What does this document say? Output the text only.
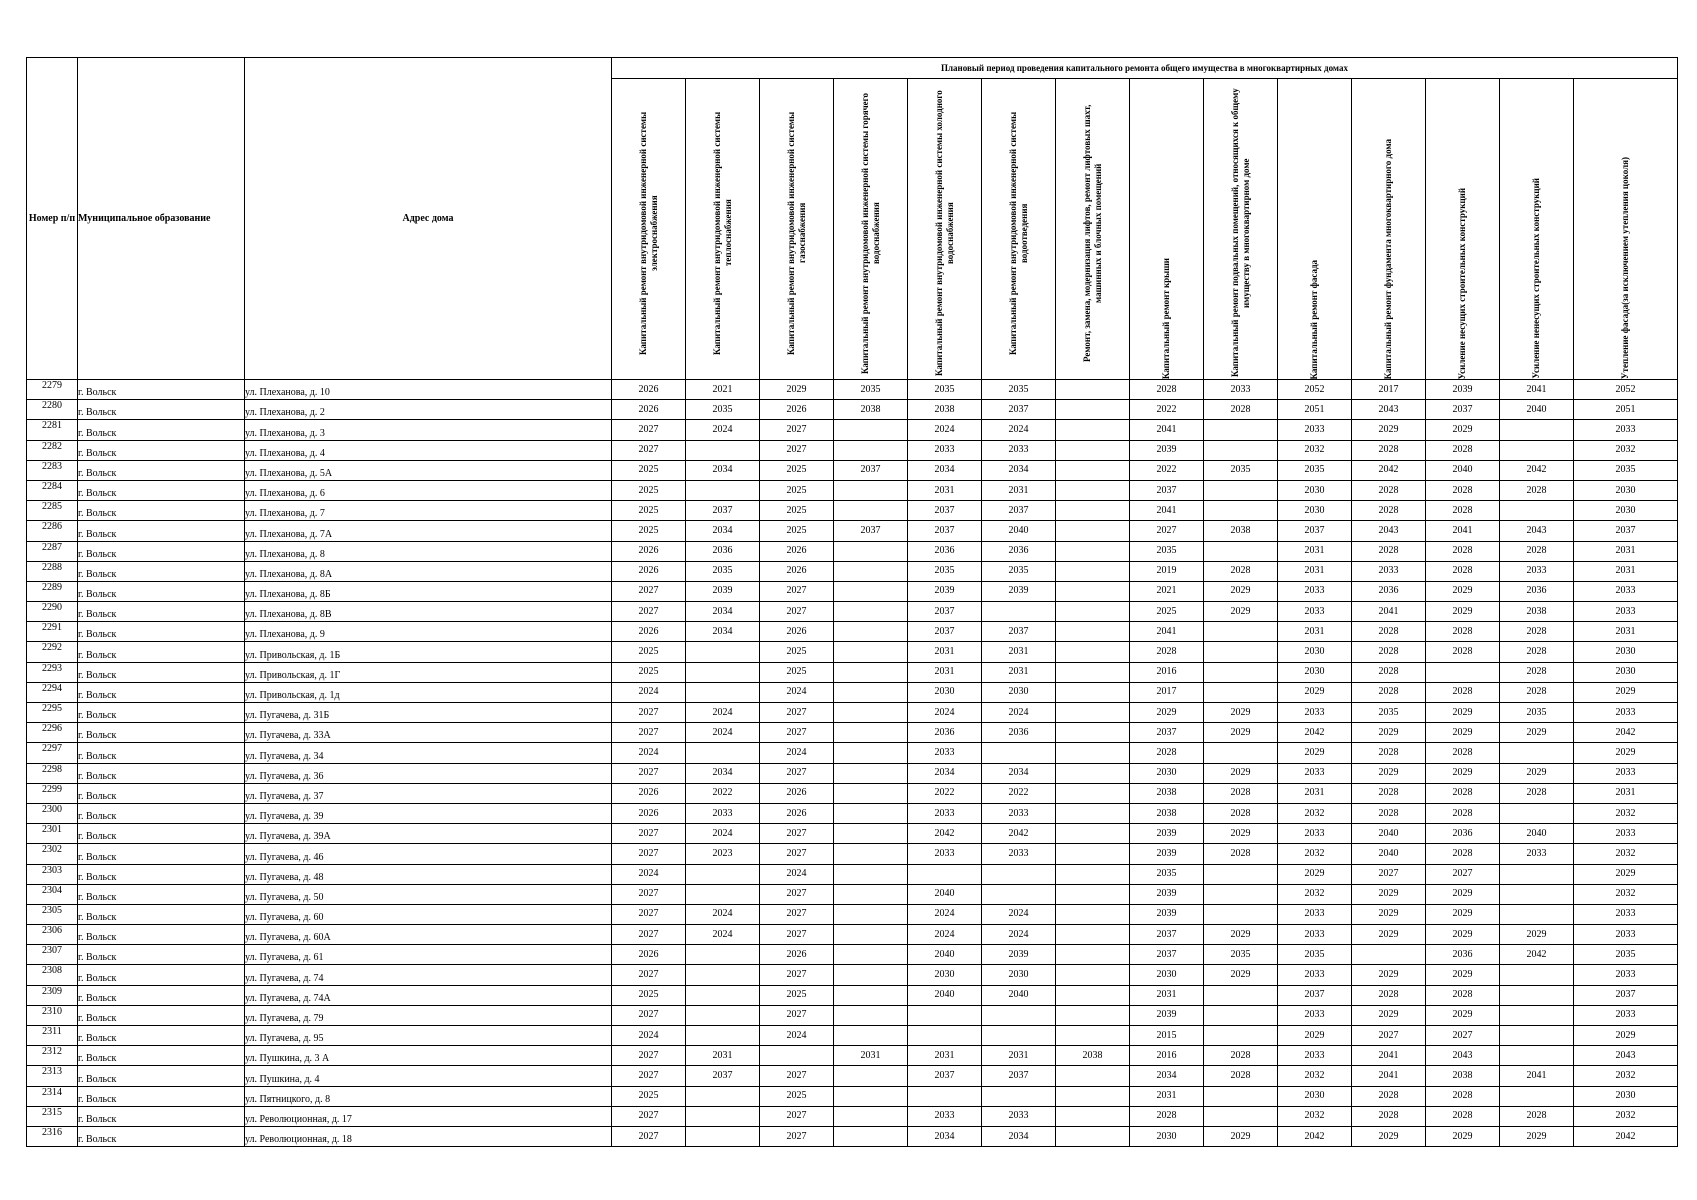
Номер п/п	Муниципальное образование	Адрес дома	Плановый период проведения капитального ремонта общего имущества в многоквартирных домах													

			Капитальный ремонт внутридомовой инженерной системы электроснабжения	Капитальный ремонт внутридомовой инженерной системы теплоснабжения	Капитальный ремонт внутридомовой инженерной системы газоснабжения	Капитальный ремонт внутридомовой инженерной системы горячего водоснабжения	Капитальный ремонт внутридомовой инженерной системы холодного водоснабжения	Капитальный ремонт внутридомовой инженерной системы водоотведения	Ремонт, замена, модернизация лифтов, ремонт лифтовых шахт, машинных и блочных помещений	Капитальный ремонт крыши	Капитальный ремонт подвальных помещений, относящихся к общему имуществу в многоквартирном доме	Капитальный ремонт фасада	Капитальный ремонт фундамента многоквартирного дома	Усиление несущих строительных конструкций	Усиление ненесущих строительных конструкций	Утепление фасада(за исключением утепления цоколя)

2279	г. Вольск	ул. Плеханова, д. 10	2026	2021	2029	2035	2035	2035		2028	2033	2052	2017	2039	2041	2052
2280	г. Вольск	ул. Плеханова, д. 2	2026	2035	2026	2038	2038	2037		2022	2028	2051	2043	2037	2040	2051
2281	г. Вольск	ул. Плеханова, д. 3	2027	2024	2027		2024	2024		2041		2033	2029	2029		2033
2282	г. Вольск	ул. Плеханова, д. 4	2027		2027		2033	2033		2039		2032	2028	2028		2032
2283	г. Вольск	ул. Плеханова, д. 5А	2025	2034	2025	2037	2034	2034		2022	2035	2035	2042	2040	2042	2035
2284	г. Вольск	ул. Плеханова, д. 6	2025		2025		2031	2031		2037		2030	2028	2028	2028	2030
2285	г. Вольск	ул. Плеханова, д. 7	2025	2037	2025		2037	2037		2041		2030	2028	2028		2030
2286	г. Вольск	ул. Плеханова, д. 7А	2025	2034	2025	2037	2037	2040		2027	2038	2037	2043	2041	2043	2037
2287	г. Вольск	ул. Плеханова, д. 8	2026	2036	2026		2036	2036		2035		2031	2028	2028	2028	2031
2288	г. Вольск	ул. Плеханова, д. 8А	2026	2035	2026		2035	2035		2019	2028	2031	2033	2028	2033	2031
2289	г. Вольск	ул. Плеханова, д. 8Б	2027	2039	2027		2039	2039		2021	2029	2033	2036	2029	2036	2033
2290	г. Вольск	ул. Плеханова, д. 8В	2027	2034	2027		2037			2025	2029	2033	2041	2029	2038	2033
2291	г. Вольск	ул. Плеханова, д. 9	2026	2034	2026		2037	2037		2041		2031	2028	2028	2028	2031
2292	г. Вольск	ул. Привольская, д. 1Б	2025		2025		2031	2031		2028		2030	2028	2028	2028	2030
2293	г. Вольск	ул. Привольская, д. 1Г	2025		2025		2031	2031		2016		2030	2028		2028	2030
2294	г. Вольск	ул. Привольская, д. 1д	2024		2024		2030	2030		2017		2029	2028	2028	2028	2029
2295	г. Вольск	ул. Пугачева, д. 31Б	2027	2024	2027		2024	2024		2029	2029	2033	2035	2029	2035	2033
2296	г. Вольск	ул. Пугачева, д. 33А	2027	2024	2027		2036	2036		2037	2029	2042	2029	2029	2029	2042
2297	г. Вольск	ул. Пугачева, д. 34	2024		2024		2033			2028		2029	2028	2028		2029
2298	г. Вольск	ул. Пугачева, д. 36	2027	2034	2027		2034	2034		2030	2029	2033	2029	2029	2029	2033
2299	г. Вольск	ул. Пугачева, д. 37	2026	2022	2026		2022	2022		2038	2028	2031	2028	2028	2028	2031
2300	г. Вольск	ул. Пугачева, д. 39	2026	2033	2026		2033	2033		2038	2028	2032	2028	2028		2032
2301	г. Вольск	ул. Пугачева, д. 39А	2027	2024	2027		2042	2042		2039	2029	2033	2040	2036	2040	2033
2302	г. Вольск	ул. Пугачева, д. 46	2027	2023	2027		2033	2033		2039	2028	2032	2040	2028	2033	2032
2303	г. Вольск	ул. Пугачева, д. 48	2024		2024					2035		2029	2027	2027		2029
2304	г. Вольск	ул. Пугачева, д. 50	2027		2027		2040			2039		2032	2029	2029		2032
2305	г. Вольск	ул. Пугачева, д. 60	2027	2024	2027		2024	2024		2039		2033	2029	2029		2033
2306	г. Вольск	ул. Пугачева, д. 60А	2027	2024	2027		2024	2024		2037	2029	2033	2029	2029	2029	2033
2307	г. Вольск	ул. Пугачева, д. 61	2026		2026		2040	2039		2037	2035	2035		2036	2042	2035
2308	г. Вольск	ул. Пугачева, д. 74	2027		2027		2030	2030		2030	2029	2033	2029	2029		2033
2309	г. Вольск	ул. Пугачева, д. 74А	2025		2025		2040	2040		2031		2037	2028	2028		2037
2310	г. Вольск	ул. Пугачева, д. 79	2027		2027					2039		2033	2029	2029		2033
2311	г. Вольск	ул. Пугачева, д. 95	2024		2024					2015		2029	2027	2027		2029
2312	г. Вольск	ул. Пушкина, д. 3 А	2027	2031		2031	2031	2031	2038	2016	2028	2033	2041	2043		2043
2313	г. Вольск	ул. Пушкина, д. 4	2027	2037	2027		2037	2037		2034	2028	2032	2041	2038	2041	2032
2314	г. Вольск	ул. Пятницкого, д. 8	2025		2025					2031		2030	2028	2028		2030
2315	г. Вольск	ул. Революционная, д. 17	2027		2027		2033	2033		2028		2032	2028	2028	2028	2032
2316	г. Вольск	ул. Революционная, д. 18	2027		2027		2034	2034		2030	2029	2042	2029	2029	2029	2042
